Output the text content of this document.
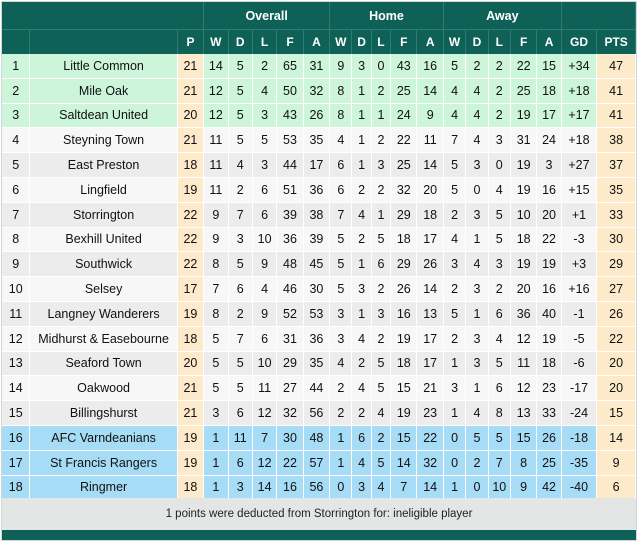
			Overall					Home					Away						
		P	W	D	L	F	A	W	D	L	F	A	W	D	L	F	A	GD	PTS
1	Little Common	21	14	5	2	65	31	9	3	0	43	16	5	2	2	22	15	+34	47
2	Mile Oak	21	12	5	4	50	32	8	1	2	25	14	4	4	2	25	18	+18	41
3	Saltdean United	20	12	5	3	43	26	8	1	1	24	9	4	4	2	19	17	+17	41
4	Steyning Town	21	11	5	5	53	35	4	1	2	22	11	7	4	3	31	24	+18	38
5	East Preston	18	11	4	3	44	17	6	1	3	25	14	5	3	0	19	3	+27	37
6	Lingfield	19	11	2	6	51	36	6	2	2	32	20	5	0	4	19	16	+15	35
7	Storrington	22	9	7	6	39	38	7	4	1	29	18	2	3	5	10	20	+1	33
8	Bexhill United	22	9	3	10	36	39	5	2	5	18	17	4	1	5	18	22	-3	30
9	Southwick	22	8	5	9	48	45	5	1	6	29	26	3	4	3	19	19	+3	29
10	Selsey	17	7	6	4	46	30	5	3	2	26	14	2	3	2	20	16	+16	27
11	Langney Wanderers	19	8	2	9	52	53	3	1	3	16	13	5	1	6	36	40	-1	26
12	Midhurst & Easebourne	18	5	7	6	31	36	3	4	2	19	17	2	3	4	12	19	-5	22
13	Seaford Town	20	5	5	10	29	35	4	2	5	18	17	1	3	5	11	18	-6	20
14	Oakwood	21	5	5	11	27	44	2	4	5	15	21	3	1	6	12	23	-17	20
15	Billingshurst	21	3	6	12	32	56	2	2	4	19	23	1	4	8	13	33	-24	15
16	AFC Varndeanians	19	1	11	7	30	48	1	6	2	15	22	0	5	5	15	26	-18	14
17	St Francis Rangers	19	1	6	12	22	57	1	4	5	14	32	0	2	7	8	25	-35	9
18	Ringmer	18	1	3	14	16	56	0	3	4	7	14	1	0	10	9	42	-40	6
1 points were deducted from Storrington for: ineligible player
